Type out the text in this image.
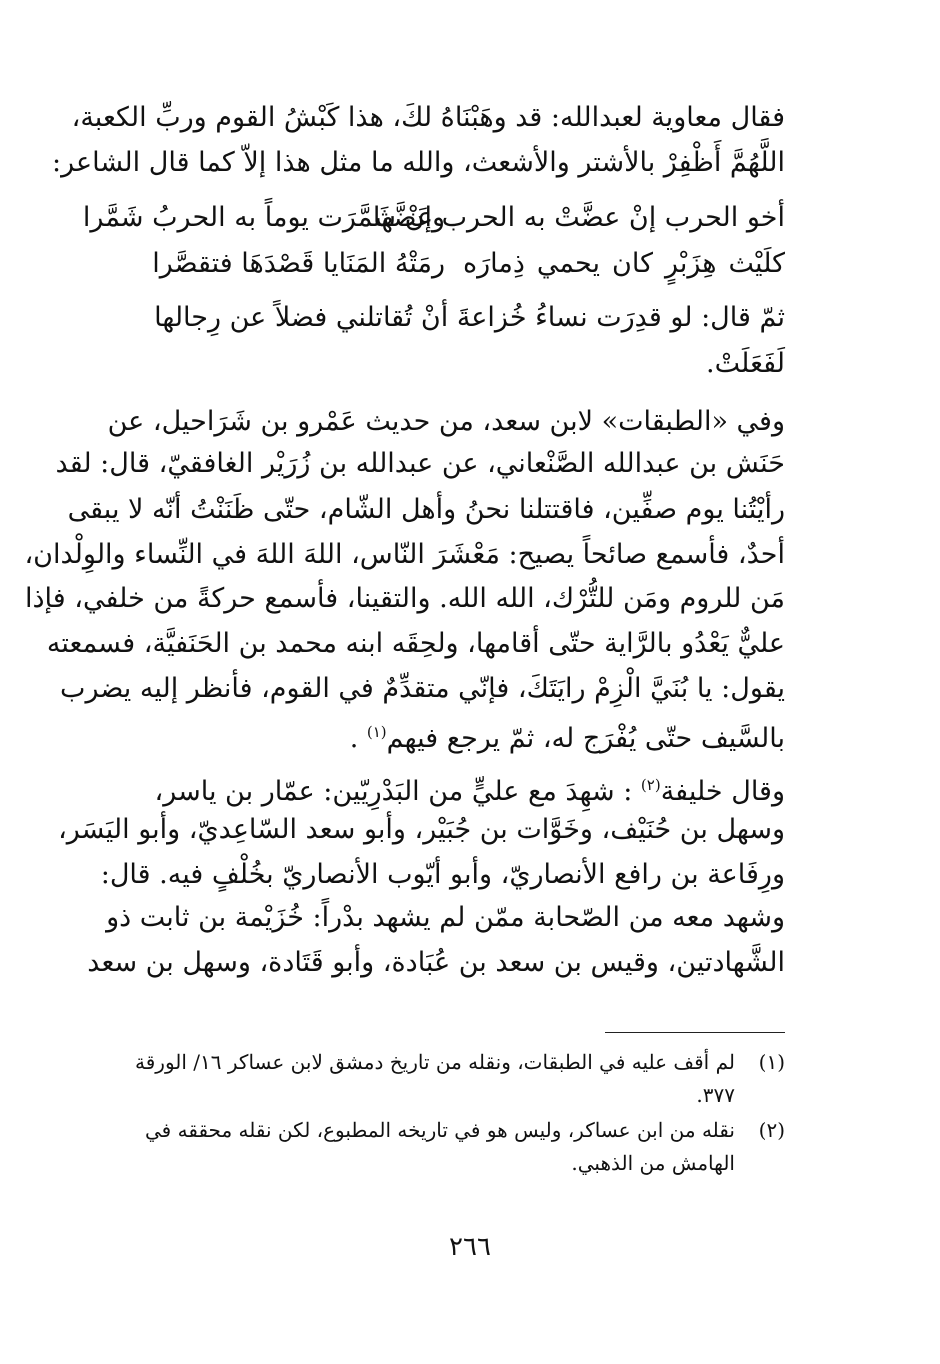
فقال معاوية لعبدالله: قد وهَبْنَاهُ لكَ، هذا كَبْشُ القوم وربِّ الكعبة،
اللَّهُمَّ أَظْفِرْ بالأشتر والأشعث، والله ما مثل هذا إلاّ كما قال الشاعر:
أخو الحرب إنْ عضَّتْ به الحرب عَضَّها
وإنْ شَمَّرَت يوماً به الحربُ شَمَّرا
كلَيْث هِزَبْرٍ كان يحمي ذِمارَه
رمَتْهُ المَنَايا قَصْدَهَا فتقصَّرا
ثمّ قال: لو قدِرَت نساءُ خُزاعةَ أنْ تُقاتلني فضلاً عن رِجالها
لَفَعَلَتْ.
وفي «الطبقات» لابن سعد، من حديث عَمْرو بن شَرَاحيل، عن
حَنَش بن عبدالله الصَّنْعاني، عن عبدالله بن زُرَيْر الغافقيّ، قال: لقد
رأيْتُنا يوم صفِّين، فاقتتلنا نحنُ وأهل الشّام، حتّى ظَنَنْتُ أنّه لا يبقى
أحدٌ، فأسمع صائحاً يصيح: مَعْشَرَ النّاس، اللهَ اللهَ في النِّساء والوِلْدان،
مَن للروم ومَن للتُّرْك، الله الله. والتقينا، فأسمع حركةً من خلفي، فإذا
عليٌّ يَعْدُو بالرَّاية حتّى أقامها، ولحِقَه ابنه محمد بن الحَنَفيَّة، فسمعته
يقول: يا بُنَيَّ الْزِمْ رايَتَكَ، فإنّي متقدِّمٌ في القوم، فأنظر إليه يضرب
بالسَّيف حتّى يُفْرَج له، ثمّ يرجع فيهم$^{(١)}$ .
وقال خليفة$^{(٢)}$ : شهِدَ مع عليٍّ من البَدْرِيّين: عمّار بن ياسر،
وسهل بن حُنَيْف، وخَوَّات بن جُبَيْر، وأبو سعد السّاعِديّ، وأبو اليَسَر،
ورِفَاعة بن رافع الأنصاريّ، وأبو أيّوب الأنصاريّ بخُلْفٍ فيه. قال:
وشهد معه من الصّحابة ممّن لم يشهد بدْراً: خُزَيْمة بن ثابت ذو
الشَّهادتين، وقيس بن سعد بن عُبَادة، وأبو قَتَادة، وسهل بن سعد
(١)
لم أقف عليه في الطبقات، ونقله من تاريخ دمشق لابن عساكر ١٦/ الورقة
٣٧٧.
(٢)
نقله من ابن عساكر، وليس هو في تاريخه المطبوع، لكن نقله محققه في
الهامش من الذهبي.
٢٦٦
